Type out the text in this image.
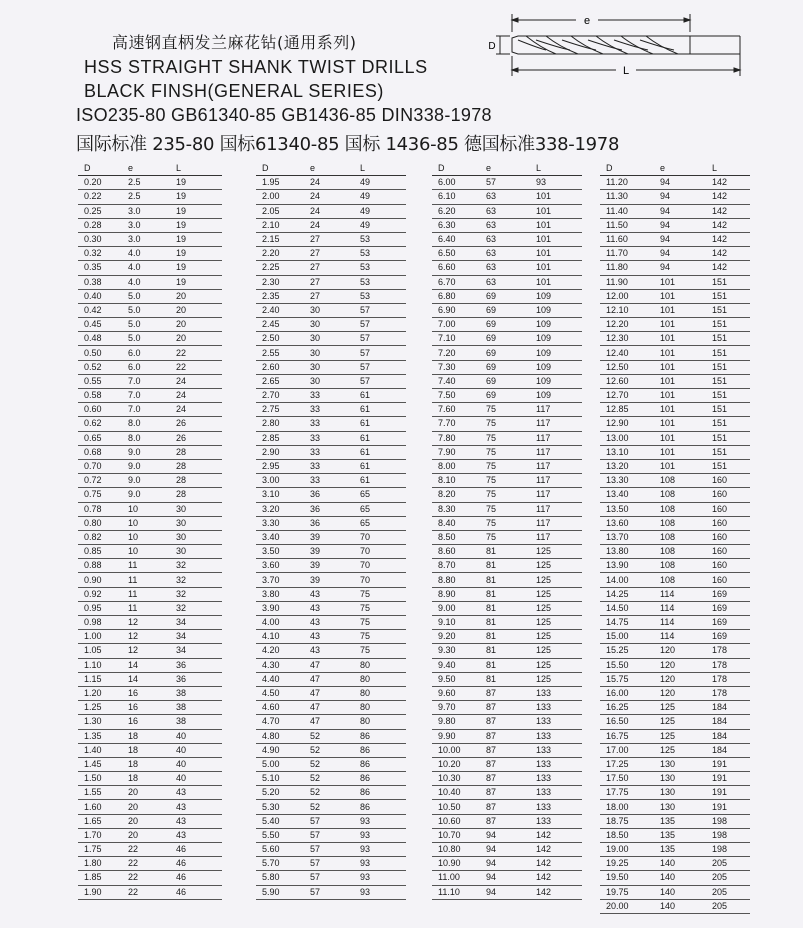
高速钢直柄发兰麻花钻(通用系列)
HSS STRAIGHT SHANK TWIST DRILLS
BLACK FINSH(GENERAL SERIES)
ISO235-80 GB61340-85 GB1436-85 DIN338-1978
国际标准 235-80 国标61340-85 国标 1436-85 德国标准338-1978
e
D
L
D	e	L
0.20	2.5	19
0.22	2.5	19
0.25	3.0	19
0.28	3.0	19
0.30	3.0	19
0.32	4.0	19
0.35	4.0	19
0.38	4.0	19
0.40	5.0	20
0.42	5.0	20
0.45	5.0	20
0.48	5.0	20
0.50	6.0	22
0.52	6.0	22
0.55	7.0	24
0.58	7.0	24
0.60	7.0	24
0.62	8.0	26
0.65	8.0	26
0.68	9.0	28
0.70	9.0	28
0.72	9.0	28
0.75	9.0	28
0.78	10	30
0.80	10	30
0.82	10	30
0.85	10	30
0.88	11	32
0.90	11	32
0.92	11	32
0.95	11	32
0.98	12	34
1.00	12	34
1.05	12	34
1.10	14	36
1.15	14	36
1.20	16	38
1.25	16	38
1.30	16	38
1.35	18	40
1.40	18	40
1.45	18	40
1.50	18	40
1.55	20	43
1.60	20	43
1.65	20	43
1.70	20	43
1.75	22	46
1.80	22	46
1.85	22	46
1.90	22	46
D	e	L
1.95	24	49
2.00	24	49
2.05	24	49
2.10	24	49
2.15	27	53
2.20	27	53
2.25	27	53
2.30	27	53
2.35	27	53
2.40	30	57
2.45	30	57
2.50	30	57
2.55	30	57
2.60	30	57
2.65	30	57
2.70	33	61
2.75	33	61
2.80	33	61
2.85	33	61
2.90	33	61
2.95	33	61
3.00	33	61
3.10	36	65
3.20	36	65
3.30	36	65
3.40	39	70
3.50	39	70
3.60	39	70
3.70	39	70
3.80	43	75
3.90	43	75
4.00	43	75
4.10	43	75
4.20	43	75
4.30	47	80
4.40	47	80
4.50	47	80
4.60	47	80
4.70	47	80
4.80	52	86
4.90	52	86
5.00	52	86
5.10	52	86
5.20	52	86
5.30	52	86
5.40	57	93
5.50	57	93
5.60	57	93
5.70	57	93
5.80	57	93
5.90	57	93
D	e	L
6.00	57	93
6.10	63	101
6.20	63	101
6.30	63	101
6.40	63	101
6.50	63	101
6.60	63	101
6.70	63	101
6.80	69	109
6.90	69	109
7.00	69	109
7.10	69	109
7.20	69	109
7.30	69	109
7.40	69	109
7.50	69	109
7.60	75	117
7.70	75	117
7.80	75	117
7.90	75	117
8.00	75	117
8.10	75	117
8.20	75	117
8.30	75	117
8.40	75	117
8.50	75	117
8.60	81	125
8.70	81	125
8.80	81	125
8.90	81	125
9.00	81	125
9.10	81	125
9.20	81	125
9.30	81	125
9.40	81	125
9.50	81	125
9.60	87	133
9.70	87	133
9.80	87	133
9.90	87	133
10.00	87	133
10.20	87	133
10.30	87	133
10.40	87	133
10.50	87	133
10.60	87	133
10.70	94	142
10.80	94	142
10.90	94	142
11.00	94	142
11.10	94	142
D	e	L
11.20	94	142
11.30	94	142
11.40	94	142
11.50	94	142
11.60	94	142
11.70	94	142
11.80	94	142
11.90	101	151
12.00	101	151
12.10	101	151
12.20	101	151
12.30	101	151
12.40	101	151
12.50	101	151
12.60	101	151
12.70	101	151
12.85	101	151
12.90	101	151
13.00	101	151
13.10	101	151
13.20	101	151
13.30	108	160
13.40	108	160
13.50	108	160
13.60	108	160
13.70	108	160
13.80	108	160
13.90	108	160
14.00	108	160
14.25	114	169
14.50	114	169
14.75	114	169
15.00	114	169
15.25	120	178
15.50	120	178
15.75	120	178
16.00	120	178
16.25	125	184
16.50	125	184
16.75	125	184
17.00	125	184
17.25	130	191
17.50	130	191
17.75	130	191
18.00	130	191
18.75	135	198
18.50	135	198
19.00	135	198
19.25	140	205
19.50	140	205
19.75	140	205
20.00	140	205
